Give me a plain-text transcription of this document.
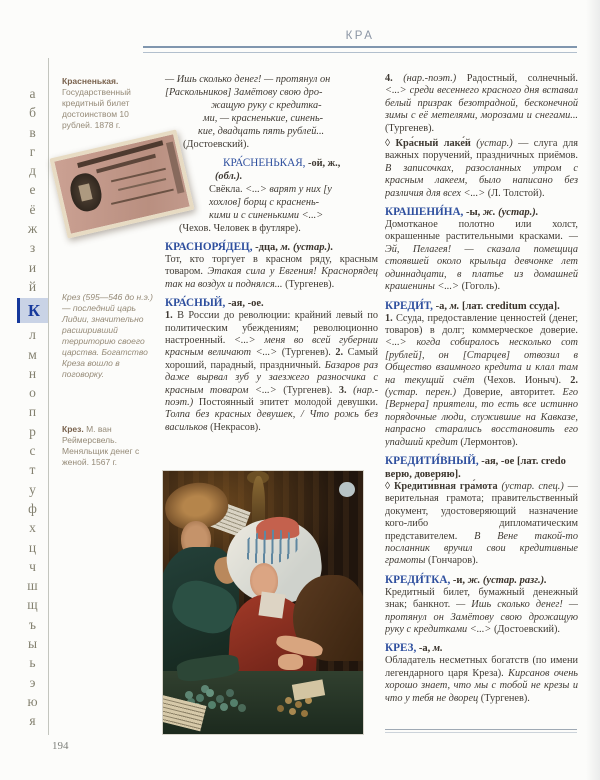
КРА
а
б
в
г
д
е
ё
ж
з
и
й
К
л
м
н
о
п
р
с
т
у
ф
х
ц
ч
ш
щ
ъ
ы
ь
э
ю
я
Красненькая. Государственный кредитный билет достоинством 10 рублей. 1878 г.
Крез (595—546 до н.э.) — последний царь Лидии, значительно расширивший территорию своего царства. Богатство Креза вошло в поговорку.
Крез. М. ван Реймерсвель. Меняльщик денег с женой. 1567 г.
— Ишь сколько денег! — протянул он
[Раскольников] Замётову свою дро-
жащую руку с кредитка-
ми, — красненькие, синень-
кие, двадцать пять рублей...
(Достоевский).
КРА́СНЕНЬКАЯ, -ой, ж.,
(обл.).
Свёкла. <...> варят у них [у
хохлов] борщ с краснень-
кими и с синенькими <...>
(Чехов. Человек в футляре).
КРАСНОРЯ́ДЕЦ, -дца, м. (устар.).
Тот, кто торгует в красном ряду, красным товаром. Этакая сила у Евгения! Краснорядец так на воздух и поднялся... (Тургенев).
КРА́СНЫЙ, -ая, -ое.
1. В России до революции: крайний левый по политическим убеждениям; революционно настроенный. <...> меня во всей губернии красным величают <...> (Тургенев). 2. Самый хороший, парадный, праздничный. Базаров раз даже вырвал зуб у заезжего разносчика с красным товаром <...> (Тургенев). 3. (нар.-поэт.) Постоянный эпитет молодой девушки. Толпа без красных девушек, / Что рожь без васильков (Некрасов).
4. (нар.-поэт.) Радостный, солнечный. <...> среди весеннего красного дня вставал белый призрак безотрадной, бесконечной зимы с её метелями, морозами и снегами... (Тургенев).
◊ Кра́сный лаке́й (устар.) — слуга для важных поручений, праздничных приёмов. В записочках, разосланных утром с красным лакеем, было написано без различия для всех <...> (Л. Толстой).
КРАШЕНИ́НА, -ы, ж. (устар.).
Домотканое полотно или холст, окрашенные растительными красками. — Эй, Пелагея! — сказала помещица стоявшей около крыльца девчонке лет одиннадцати, в платье из домашней крашенины <...> (Гоголь).
КРЕДИ́Т, -а, м. [лат. creditum ссуда].
1. Ссуда, предоставление ценностей (денег, товаров) в долг; коммерческое доверие. <...> когда собиралось несколько сот [рублей], он [Старцев] отвозил в Общество взаимного кредита и клал там на текущий счёт (Чехов. Ионыч). 2. (устар. перен.) Доверие, авторитет. Его [Вернера] приятели, то есть все истинно порядочные люди, служившие на Кавказе, напрасно старались восстановить его упадший кредит (Лермонтов).
КРЕДИТИ́ВНЫЙ, -ая, -ое [лат. credo верю, доверяю].
◊ Кредити́вная гра́мота (устар. спец.) — верительная грамота; правительственный документ, удостоверяющий назначение кого-либо дипломатическим представителем. В Вене такой-то посланник вручил свои кредитивные грамоты (Гончаров).
КРЕДИ́ТКА, -и, ж. (устар. разг.).
Кредитный билет, бумажный денежный знак; банкнот. — Ишь сколько денег! — протянул он Замётову свою дрожащую руку с кредитками <...> (Достоевский).
КРЕЗ, -а, м.
Обладатель несметных богатств (по имени легендарного царя Креза). Кирсанов очень хорошо знает, что мы с тобой не крезы и что у тебя не дворец (Тургенев).
194
